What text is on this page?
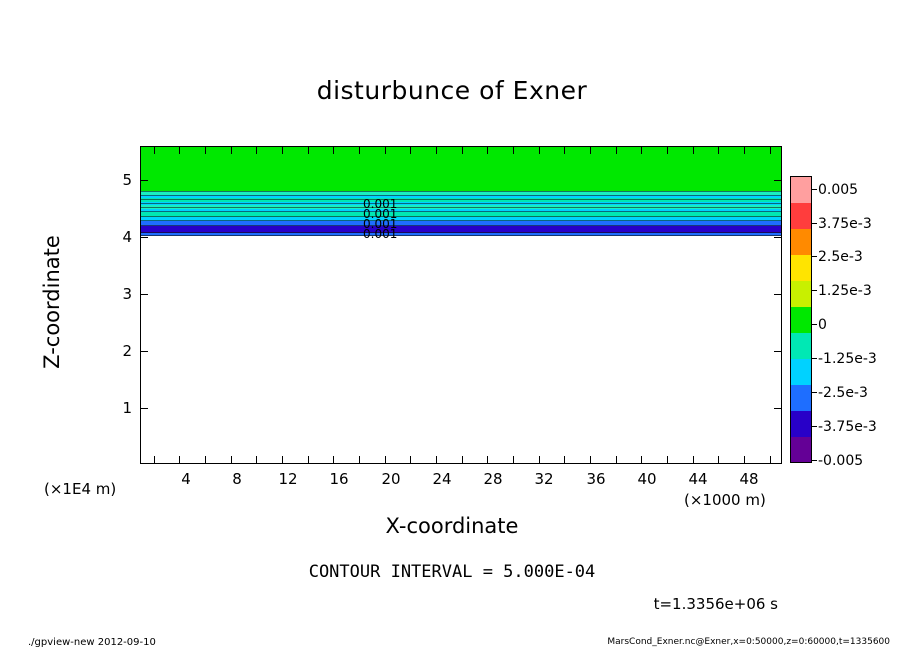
disturbunce of Exner
0.001
0.001
0.001
0.001
4	8	12	16	20	24	28	32	36	40	44	48
1
2
3
4
5
X-coordinate
Z-coordinate
(×1E4 m)
(×1000 m)
0.005
3.75e-3
2.5e-3
1.25e-3
0
-1.25e-3
-2.5e-3
-3.75e-3
-0.005
CONTOUR INTERVAL = 5.000E-04
t=1.3356e+06 s
./gpview-new 2012-09-10	MarsCond_Exner.nc@Exner,x=0:50000,z=0:60000,t=1335600
